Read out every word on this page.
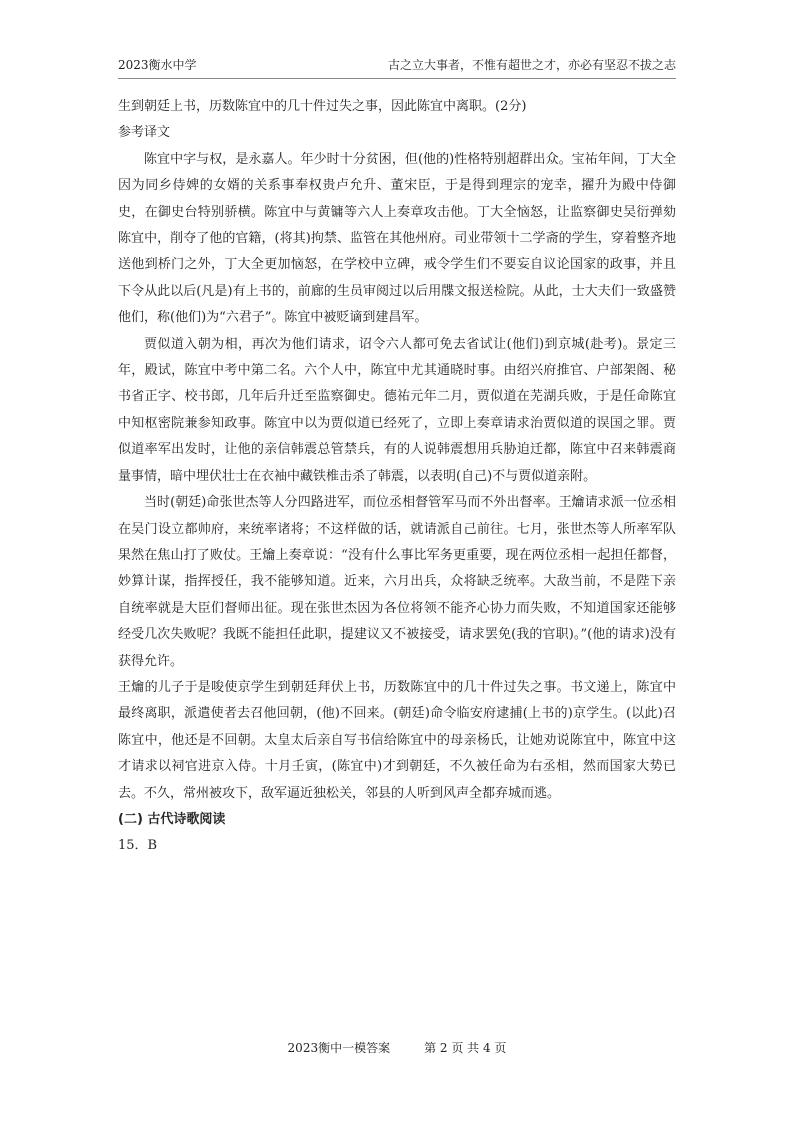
2023衡水中学	古之立大事者，不惟有超世之才，亦必有坚忍不拔之志

生到朝廷上书，历数陈宜中的几十件过失之事，因此陈宜中离职。(2分)

参考译文

陈宜中字与权，是永嘉人。年少时十分贫困，但(他的)性格特别超群出众。宝祐年间，丁大全因为同乡侍婢的女婿的关系事奉权贵卢允升、董宋臣，于是得到理宗的宠幸，擢升为殿中侍御史，在御史台特别骄横。陈宜中与黄镛等六人上奏章攻击他。丁大全恼怒，让监察御史吴衍弹劾陈宜中，削夺了他的官籍，(将其)拘禁、监管在其他州府。司业带领十二学斋的学生，穿着整齐地送他到桥门之外，丁大全更加恼怒，在学校中立碑，戒令学生们不要妄自议论国家的政事，并且下令从此以后(凡是)有上书的，前廊的生员审阅过以后用牒文报送检院。从此，士大夫们一致盛赞他们，称(他们)为“六君子”。陈宜中被贬谪到建昌军。

贾似道入朝为相，再次为他们请求，诏令六人都可免去省试让(他们)到京城(赴考)。景定三年，殿试，陈宜中考中第二名。六个人中，陈宜中尤其通晓时事。由绍兴府推官、户部架阁、秘书省正字、校书郎，几年后升迁至监察御史。德祐元年二月，贾似道在芜湖兵败，于是任命陈宜中知枢密院兼参知政事。陈宜中以为贾似道已经死了，立即上奏章请求治贾似道的误国之罪。贾似道率军出发时，让他的亲信韩震总管禁兵，有的人说韩震想用兵胁迫迁都，陈宜中召来韩震商量事情，暗中埋伏壮士在衣袖中藏铁椎击杀了韩震，以表明(自己)不与贾似道亲附。

当时(朝廷)命张世杰等人分四路进军，而位丞相督管军马而不外出督率。王爚请求派一位丞相在吴门设立都帅府，来统率诸将；不这样做的话，就请派自己前往。七月，张世杰等人所率军队果然在焦山打了败仗。王爚上奏章说：“没有什么事比军务更重要，现在两位丞相一起担任都督，妙算计谋，指挥授任，我不能够知道。近来，六月出兵，众将缺乏统率。大敌当前，不是陛下亲自统率就是大臣们督师出征。现在张世杰因为各位将领不能齐心协力而失败，不知道国家还能够经受几次失败呢？我既不能担任此职，提建议又不被接受，请求罢免(我的官职)。”(他的请求)没有获得允许。

王爚的儿子于是唆使京学生到朝廷拜伏上书，历数陈宜中的几十件过失之事。书文递上，陈宜中最终离职，派遣使者去召他回朝，(他)不回来。(朝廷)命令临安府逮捕(上书的)京学生。(以此)召陈宜中，他还是不回朝。太皇太后亲自写书信给陈宜中的母亲杨氏，让她劝说陈宜中，陈宜中这才请求以祠官进京入侍。十月壬寅，(陈宜中)才到朝廷，不久被任命为右丞相，然而国家大势已去。不久，常州被攻下，敌军逼近独松关，邻县的人听到风声全都弃城而逃。

(二) 古代诗歌阅读

15．B

2023衡中一模答案	第 2 页 共 4 页
